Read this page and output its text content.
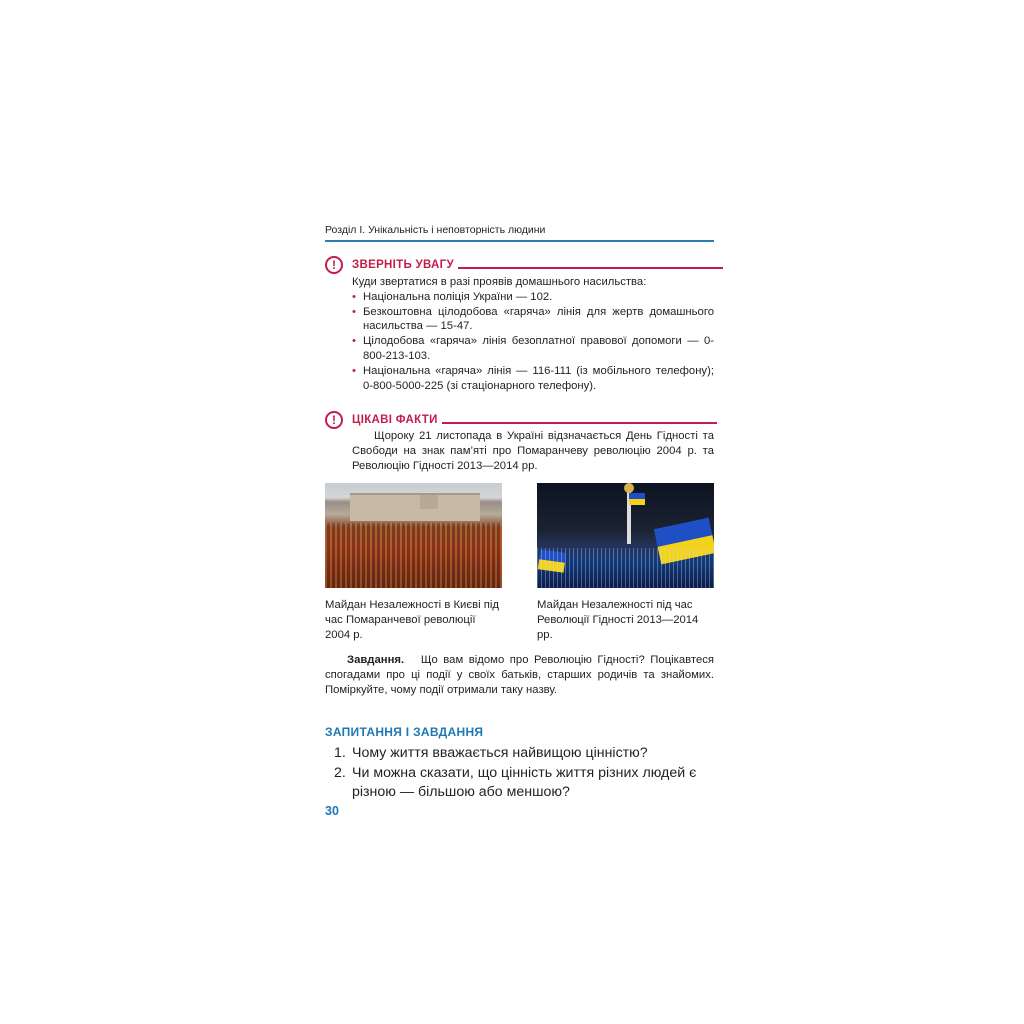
Розділ І. Унікальність і неповторність людини
!	ЗВЕРНІТЬ УВАГУ

Куди звертатися в разі проявів домашнього насильства:

• Національна поліція України — 102.
• Безкоштовна цілодобова «гаряча» лінія для жертв домашнього насильства — 15-47.
• Цілодобова «гаряча» лінія безоплатної правової допомоги — 0-800-213-103.
• Національна «гаряча» лінія — 116-111 (із мобільного телефону); 0-800-5000-225 (зі стаціонарного телефону).
!	ЦІКАВІ ФАКТИ

Щороку 21 листопада в Україні відзначається День Гідності та Свободи на знак пам’яті про Помаранчеву революцію 2004 р. та Революцію Гідності 2013—2014 рр.

Майдан Незалежності в Києві під час Помаранчевої революції 2004 р.
Майдан Незалежності під час Революції Гідності 2013—2014 рр.
Завдання. Що вам відомо про Революцію Гідності? Поцікавтеся спогадами про ці події у своїх батьків, старших родичів та знайомих. Поміркуйте, чому події отримали таку назву.
ЗАПИТАННЯ І ЗАВДАННЯ
1. Чому життя вважається найвищою цінністю?
2. Чи можна сказати, що цінність життя різних людей є різною — більшою або меншою?
30
